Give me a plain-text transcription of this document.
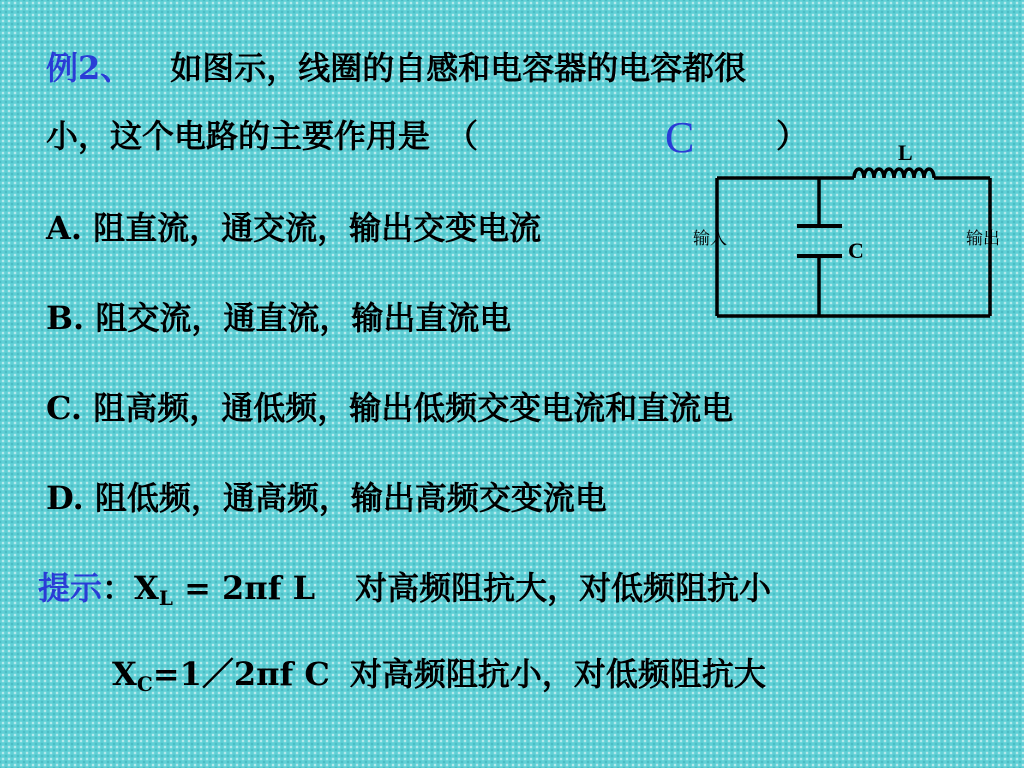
例2、 如图示，线圈的自感和电容器的电容都很
小，这个电路的主要作用是　（	C	）
A. 阻直流，通交流，输出交变电流
B. 阻交流，通直流，输出直流电
C. 阻高频，通低频，输出低频交变电流和直流电
D. 阻低频，通高频，输出高频交变流电
提示：$X_L = 2\pi f$ L 对高频阻抗大，对低频阻抗小
$X_C=1/2\pi f$ C 对高频阻抗小，对低频阻抗大
L
C
输入	输出
